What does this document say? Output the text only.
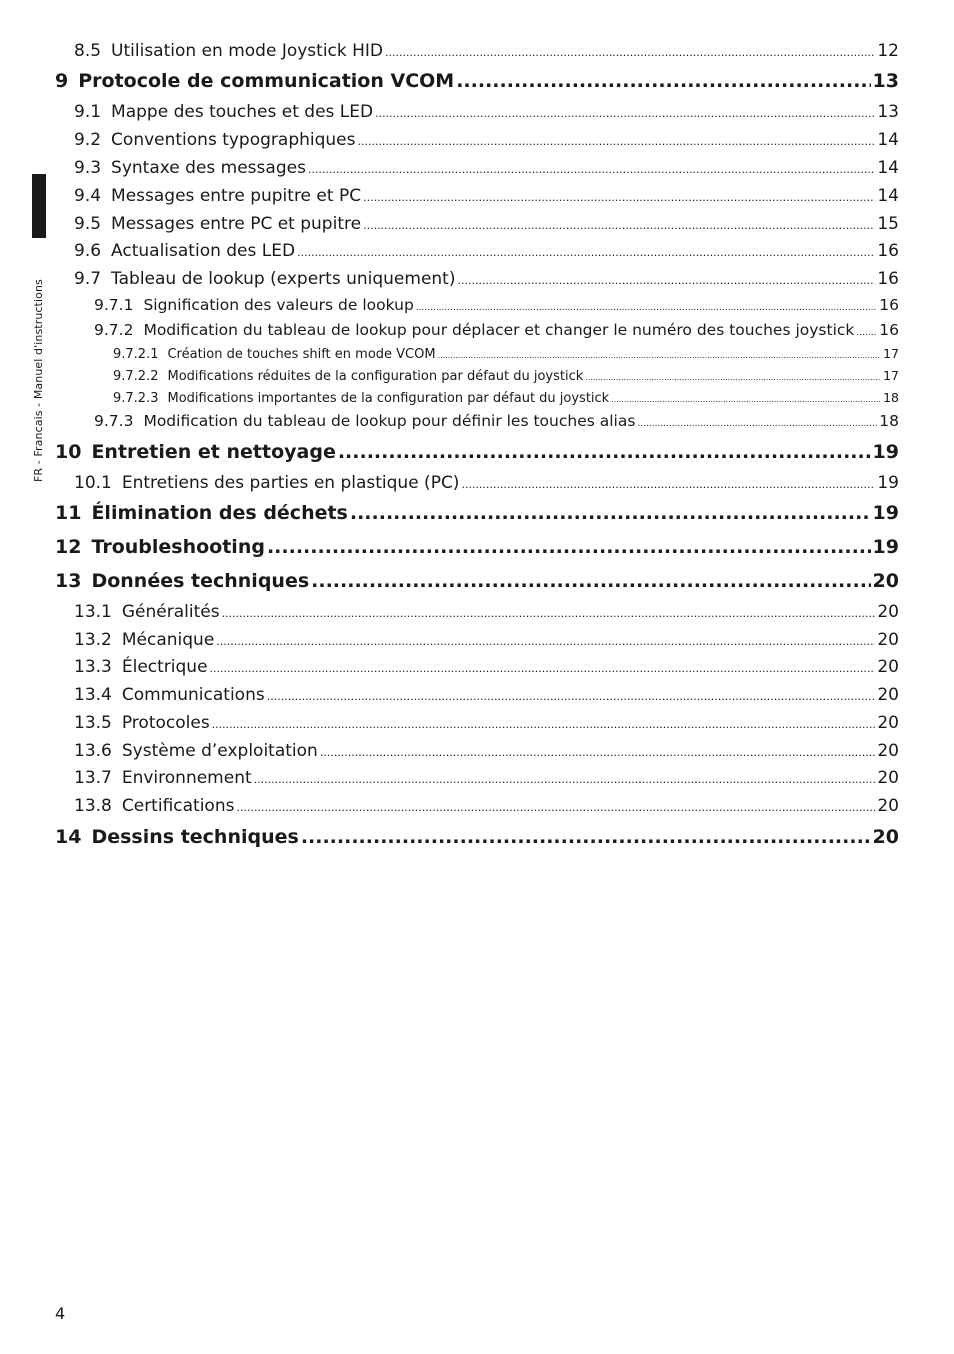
FR - Francais - Manuel d'instructions
8.5 Utilisation en mode Joystick HID .....	12
9 Protocole de communication VCOM .....	13
9.1 Mappe des touches et des LED .....	13
9.2 Conventions typographiques .....	14
9.3 Syntaxe des messages .....	14
9.4 Messages entre pupitre et PC .....	14
9.5 Messages entre PC et pupitre .....	15
9.6 Actualisation des LED .....	16
9.7 Tableau de lookup (experts uniquement) .....	16
9.7.1 Signification des valeurs de lookup .....	16
9.7.2 Modification du tableau de lookup pour déplacer et changer le numéro des touches joystick ..... 16
9.7.2.1 Création de touches shift en mode VCOM .....	17
9.7.2.2 Modifications réduites de la configuration par défaut du joystick .....	17
9.7.2.3 Modifications importantes de la configuration par défaut du joystick .....	18
9.7.3 Modification du tableau de lookup pour définir les touches alias .....	18
10 Entretien et nettoyage .....	19
10.1 Entretiens des parties en plastique (PC) .....	19
11 Élimination des déchets .....	19
12 Troubleshooting .....	19
13 Données techniques .....	20
13.1 Généralités .....	20
13.2 Mécanique .....	20
13.3 Électrique .....	20
13.4 Communications .....	20
13.5 Protocoles .....	20
13.6 Système d’exploitation .....	20
13.7 Environnement .....	20
13.8 Certifications .....	20
14 Dessins techniques .....	20
4
